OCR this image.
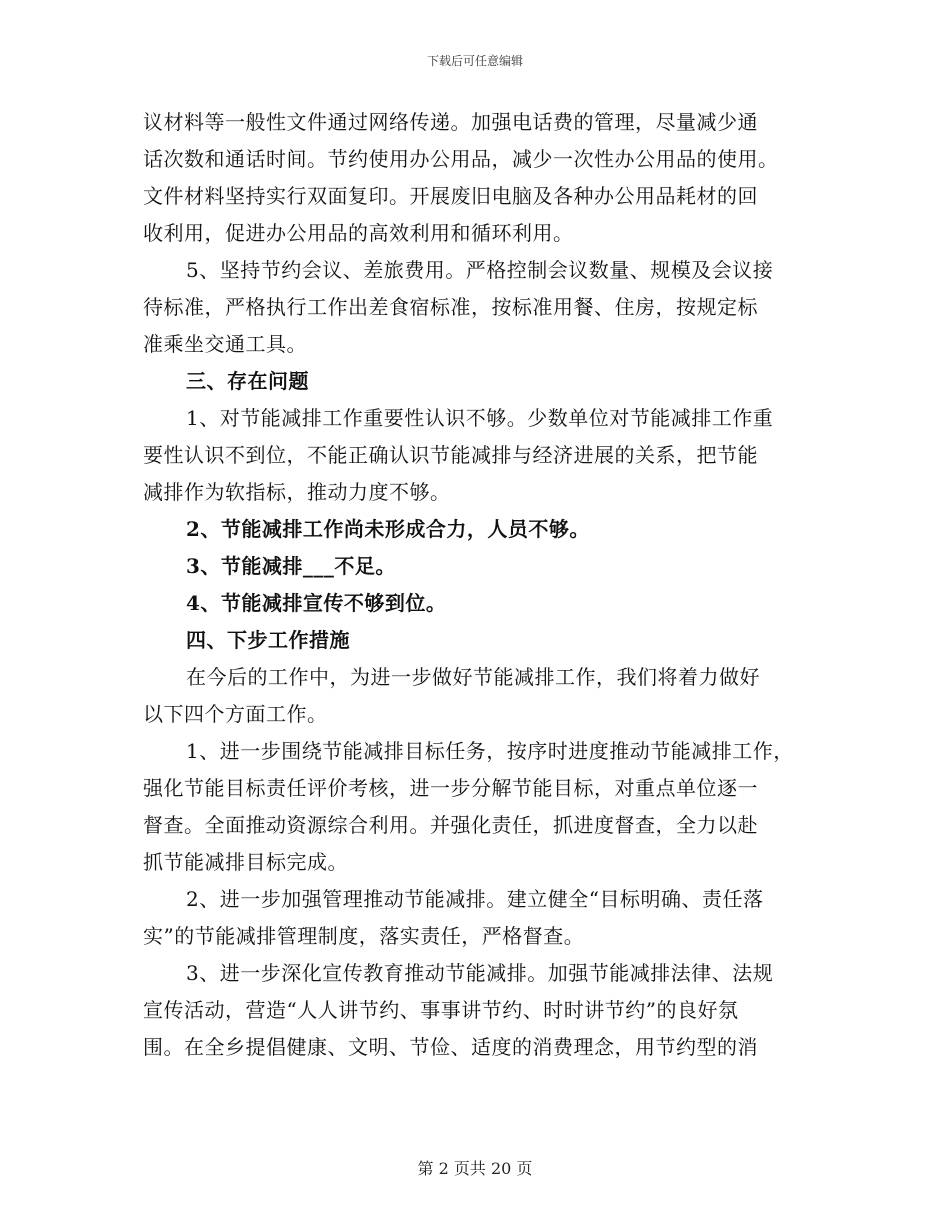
下载后可任意编辑
议材料等一般性文件通过网络传递。加强电话费的管理，尽量减少通
话次数和通话时间。节约使用办公用品，减少一次性办公用品的使用。
文件材料坚持实行双面复印。开展废旧电脑及各种办公用品耗材的回
收利用，促进办公用品的高效利用和循环利用。
5、坚持节约会议、差旅费用。严格控制会议数量、规模及会议接
待标准，严格执行工作出差食宿标准，按标准用餐、住房，按规定标
准乘坐交通工具。
三、存在问题
1、对节能减排工作重要性认识不够。少数单位对节能减排工作重
要性认识不到位，不能正确认识节能减排与经济进展的关系，把节能
减排作为软指标，推动力度不够。
2、节能减排工作尚未形成合力，人员不够。
3、节能减排___不足。
4、节能减排宣传不够到位。
四、下步工作措施
在今后的工作中，为进一步做好节能减排工作，我们将着力做好
以下四个方面工作。
1、进一步围绕节能减排目标任务，按序时进度推动节能减排工作，
强化节能目标责任评价考核，进一步分解节能目标，对重点单位逐一
督查。全面推动资源综合利用。并强化责任，抓进度督查，全力以赴
抓节能减排目标完成。
2、进一步加强管理推动节能减排。建立健全“目标明确、责任落
实”的节能减排管理制度，落实责任，严格督查。
3、进一步深化宣传教育推动节能减排。加强节能减排法律、法规
宣传活动，营造“人人讲节约、事事讲节约、时时讲节约”的良好氛
围。在全乡提倡健康、文明、节俭、适度的消费理念，用节约型的消
第 2 页共 20 页
